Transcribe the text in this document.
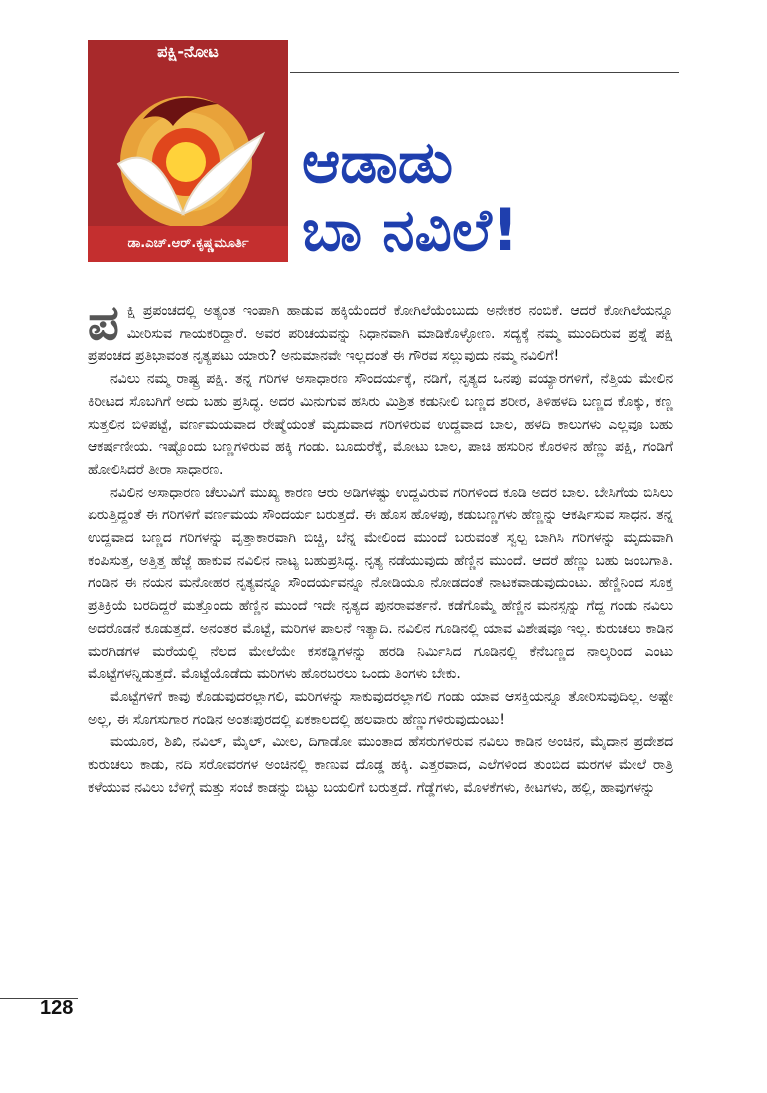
ಪಕ್ಷಿ-ನೋಟ
ಡಾ.ಎಚ್.ಆರ್.ಕೃಷ್ಣಮೂರ್ತಿ
ಆಡಾಡು
ಬಾ ನವಿಲೆ!

ಪಕ್ಷಿ ಪ್ರಪಂಚದಲ್ಲಿ ಅತ್ಯಂತ ಇಂಪಾಗಿ ಹಾಡುವ ಹಕ್ಕಿಯೆಂದರೆ ಕೋಗಿಲೆಯೆಂಬುದು ಅನೇಕರ ನಂಬಿಕೆ. ಆದರೆ ಕೋಗಿಲೆಯನ್ನೂ ಮೀರಿಸುವ ಗಾಯಕರಿದ್ದಾರೆ. ಅವರ ಪರಿಚಯವನ್ನು ನಿಧಾನವಾಗಿ ಮಾಡಿಕೊಳ್ಳೋಣ. ಸದ್ಯಕ್ಕೆ ನಮ್ಮ ಮುಂದಿರುವ ಪ್ರಶ್ನೆ ಪಕ್ಷಿ ಪ್ರಪಂಚದ ಪ್ರತಿಭಾವಂತ ನೃತ್ಯಪಟು ಯಾರು? ಅನುಮಾನವೇ ಇಲ್ಲದಂತೆ ಈ ಗೌರವ ಸಲ್ಲುವುದು ನಮ್ಮ ನವಿಲಿಗೆ!

ನವಿಲು ನಮ್ಮ ರಾಷ್ಟ್ರ ಪಕ್ಷಿ. ತನ್ನ ಗರಿಗಳ ಅಸಾಧಾರಣ ಸೌಂದರ್ಯಕ್ಕೆ, ನಡಿಗೆ, ನೃತ್ಯದ ಒನಪು ವಯ್ಯಾರಗಳಿಗೆ, ನೆತ್ತಿಯ ಮೇಲಿನ ಕಿರೀಟದ ಸೊಬಗಿಗೆ ಅದು ಬಹು ಪ್ರಸಿದ್ಧ. ಅದರ ಮಿನುಗುವ ಹಸಿರು ಮಿಶ್ರಿತ ಕಡುನೀಲಿ ಬಣ್ಣದ ಶರೀರ, ತಿಳಿಹಳದಿ ಬಣ್ಣದ ಕೊಕ್ಕು, ಕಣ್ಣ ಸುತ್ತಲಿನ ಬಿಳಿಪಟ್ಟೆ, ವರ್ಣಮಯವಾದ ರೇಷ್ಮೆಯಂತೆ ಮೃದುವಾದ ಗರಿಗಳಿರುವ ಉದ್ದವಾದ ಬಾಲ, ಹಳದಿ ಕಾಲುಗಳು ಎಲ್ಲವೂ ಬಹು ಆಕರ್ಷಣೀಯ. ಇಷ್ಟೊಂದು ಬಣ್ಣಗಳಿರುವ ಹಕ್ಕಿ ಗಂಡು. ಬೂದುರೆಕ್ಕೆ, ಮೋಟು ಬಾಲ, ಪಾಚಿ ಹಸುರಿನ ಕೊರಳಿನ ಹೆಣ್ಣು ಪಕ್ಷಿ, ಗಂಡಿಗೆ ಹೋಲಿಸಿದರೆ ತೀರಾ ಸಾಧಾರಣ.

ನವಿಲಿನ ಅಸಾಧಾರಣ ಚೆಲುವಿಗೆ ಮುಖ್ಯ ಕಾರಣ ಆರು ಅಡಿಗಳಷ್ಟು ಉದ್ದವಿರುವ ಗರಿಗಳಿಂದ ಕೂಡಿ ಅದರ ಬಾಲ. ಬೇಸಿಗೆಯ ಬಿಸಿಲು ಏರುತ್ತಿದ್ದಂತೆ ಈ ಗರಿಗಳಿಗೆ ವರ್ಣಮಯ ಸೌಂದರ್ಯ ಬರುತ್ತದೆ. ಈ ಹೊಸ ಹೊಳಪು, ಕಡುಬಣ್ಣಗಳು ಹೆಣ್ಣನ್ನು ಆಕರ್ಷಿಸುವ ಸಾಧನ. ತನ್ನ ಉದ್ದವಾದ ಬಣ್ಣದ ಗರಿಗಳನ್ನು ವೃತ್ತಾಕಾರವಾಗಿ ಬಿಚ್ಚಿ, ಬೆನ್ನ ಮೇಲಿಂದ ಮುಂದೆ ಬರುವಂತೆ ಸ್ವಲ್ಪ ಬಾಗಿಸಿ ಗರಿಗಳನ್ನು ಮೃದುವಾಗಿ ಕಂಪಿಸುತ್ತ, ಅತ್ತಿತ್ತ ಹೆಜ್ಜೆ ಹಾಕುವ ನವಿಲಿನ ನಾಟ್ಯ ಬಹುಪ್ರಸಿದ್ಧ. ನೃತ್ಯ ನಡೆಯುವುದು ಹೆಣ್ಣಿನ ಮುಂದೆ. ಆದರೆ ಹೆಣ್ಣು ಬಹು ಜಂಬಗಾತಿ. ಗಂಡಿನ ಈ ನಯನ ಮನೋಹರ ನೃತ್ಯವನ್ನೂ ಸೌಂದರ್ಯವನ್ನೂ ನೋಡಿಯೂ ನೋಡದಂತೆ ನಾಟಕವಾಡುವುದುಂಟು. ಹೆಣ್ಣಿನಿಂದ ಸೂಕ್ತ ಪ್ರತಿಕ್ರಿಯೆ ಬರದಿದ್ದರೆ ಮತ್ತೊಂದು ಹೆಣ್ಣಿನ ಮುಂದೆ ಇದೇ ನೃತ್ಯದ ಪುನರಾವರ್ತನೆ. ಕಡೆಗೊಮ್ಮೆ ಹೆಣ್ಣಿನ ಮನಸ್ಸನ್ನು ಗೆದ್ದ ಗಂಡು ನವಿಲು ಅದರೊಡನೆ ಕೂಡುತ್ತದೆ. ಅನಂತರ ಮೊಟ್ಟೆ, ಮರಿಗಳ ಪಾಲನೆ ಇತ್ಯಾದಿ. ನವಿಲಿನ ಗೂಡಿನಲ್ಲಿ ಯಾವ ವಿಶೇಷವೂ ಇಲ್ಲ. ಕುರುಚಲು ಕಾಡಿನ ಮರಗಿಡಗಳ ಮರೆಯಲ್ಲಿ ನೆಲದ ಮೇಲೆಯೇ ಕಸಕಡ್ಡಿಗಳನ್ನು ಹರಡಿ ನಿರ್ಮಿಸಿದ ಗೂಡಿನಲ್ಲಿ ಕೆನೆಬಣ್ಣದ ನಾಲ್ಕರಿಂದ ಎಂಟು ಮೊಟ್ಟೆಗಳನ್ನಿಡುತ್ತದೆ. ಮೊಟ್ಟೆಯೊಡೆದು ಮರಿಗಳು ಹೊರಬರಲು ಒಂದು ತಿಂಗಳು ಬೇಕು.

ಮೊಟ್ಟೆಗಳಿಗೆ ಕಾವು ಕೊಡುವುದರಲ್ಲಾಗಲಿ, ಮರಿಗಳನ್ನು ಸಾಕುವುದರಲ್ಲಾಗಲಿ ಗಂಡು ಯಾವ ಆಸಕ್ತಿಯನ್ನೂ ತೋರಿಸುವುದಿಲ್ಲ. ಅಷ್ಟೇ ಅಲ್ಲ, ಈ ಸೊಗಸುಗಾರ ಗಂಡಿನ ಅಂತಃಪುರದಲ್ಲಿ ಏಕಕಾಲದಲ್ಲಿ ಹಲವಾರು ಹೆಣ್ಣುಗಳಿರುವುದುಂಟು!

ಮಯೂರ, ಶಿಖಿ, ನವಿಲ್, ಮೈಲ್, ಮೀಲ, ದಿಗಾಡೋ ಮುಂತಾದ ಹೆಸರುಗಳಿರುವ ನವಿಲು ಕಾಡಿನ ಅಂಚಿನ, ಮೈದಾನ ಪ್ರದೇಶದ ಕುರುಚಲು ಕಾಡು, ನದಿ ಸರೋವರಗಳ ಅಂಚಿನಲ್ಲಿ ಕಾಣುವ ದೊಡ್ಡ ಹಕ್ಕಿ. ಎತ್ತರವಾದ, ಎಲೆಗಳಿಂದ ತುಂಬಿದ ಮರಗಳ ಮೇಲೆ ರಾತ್ರಿ ಕಳೆಯುವ ನವಿಲು ಬೆಳಿಗ್ಗೆ ಮತ್ತು ಸಂಜೆ ಕಾಡನ್ನು ಬಿಟ್ಟು ಬಯಲಿಗೆ ಬರುತ್ತದೆ. ಗೆಡ್ಡೆಗಳು, ಮೊಳಕೆಗಳು, ಕೀಟಗಳು, ಹಲ್ಲಿ, ಹಾವುಗಳನ್ನು

128
